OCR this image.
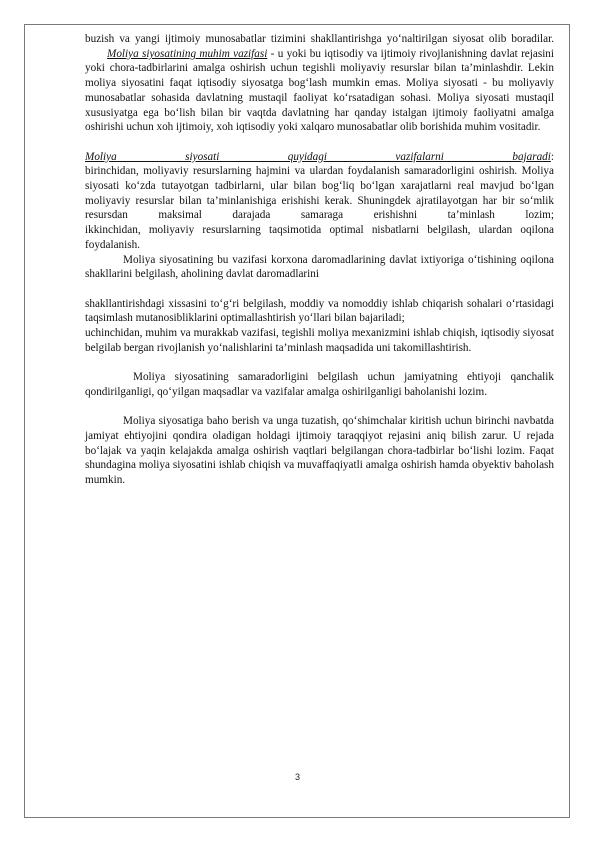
buzish va yangi ijtimoiy munosabatlar tizimini shakllantirishga yo‘naltirilgan siyosat olib boradilar.

Moliya siyosatining muhim vazifasi - u yoki bu iqtisodiy va ijtimoiy rivojlanishning davlat rejasini yoki chora-tadbirlarini amalga oshirish uchun tegishli moliyaviy resurslar bilan ta’minlashdir. Lekin moliya siyosatini faqat iqtisodiy siyosatga bog‘lash mumkin emas. Moliya siyosati - bu moliyaviy munosabatlar sohasida davlatning mustaqil faoliyat ko‘rsatadigan sohasi. Moliya siyosati mustaqil xususiyatga ega bo‘lish bilan bir vaqtda davlatning har qanday istalgan ijtimoiy faoliyatni amalga oshirishi uchun xoh ijtimoiy, xoh iqtisodiy yoki xalqaro munosabatlar olib borishida muhim vositadir.

Moliya siyosati quyidagi vazifalarni bajaradi:

birinchidan, moliyaviy resurslarning hajmini va ulardan foydalanish samaradorligini oshirish. Moliya siyosati ko‘zda tutayotgan tadbirlarni, ular bilan bog‘liq bo‘lgan xarajatlarni real mavjud bo‘lgan moliyaviy resurslar bilan ta’minlanishiga erishishi kerak. Shuningdek ajratilayotgan har bir so‘mlik resursdan maksimal darajada samaraga erishishni ta’minlash lozim;

ikkinchidan, moliyaviy resurslarning taqsimotida optimal nisbatlarni belgilash, ulardan oqilona foydalanish.

Moliya siyosatining bu vazifasi korxona daromadlarining davlat ixtiyoriga o‘tishining oqilona shakllarini belgilash, aholining davlat daromadlarini

shakllantirishdagi xissasini to‘g‘ri belgilash, moddiy va nomoddiy ishlab chiqarish sohalari o‘rtasidagi taqsimlash mutanosibliklarini optimallashtirish yo‘llari bilan bajariladi;

uchinchidan, muhim va murakkab vazifasi, tegishli moliya mexanizmini ishlab chiqish, iqtisodiy siyosat belgilab bergan rivojlanish yo‘nalishlarini ta’minlash maqsadida uni takomillashtirish.

Moliya siyosatining samaradorligini belgilash uchun jamiyatning ehtiyoji qanchalik qondirilganligi, qo‘yilgan maqsadlar va vazifalar amalga oshirilganligi baholanishi lozim.

Moliya siyosatiga baho berish va unga tuzatish, qo‘shimchalar kiritish uchun birinchi navbatda jamiyat ehtiyojini qondira oladigan holdagi ijtimoiy taraqqiyot rejasini aniq bilish zarur. U rejada bo‘lajak va yaqin kelajakda amalga oshirish vaqtlari belgilangan chora-tadbirlar bo‘lishi lozim. Faqat shundagina moliya siyosatini ishlab chiqish va muvaffaqiyatli amalga oshirish hamda obyektiv baholash mumkin.

3
